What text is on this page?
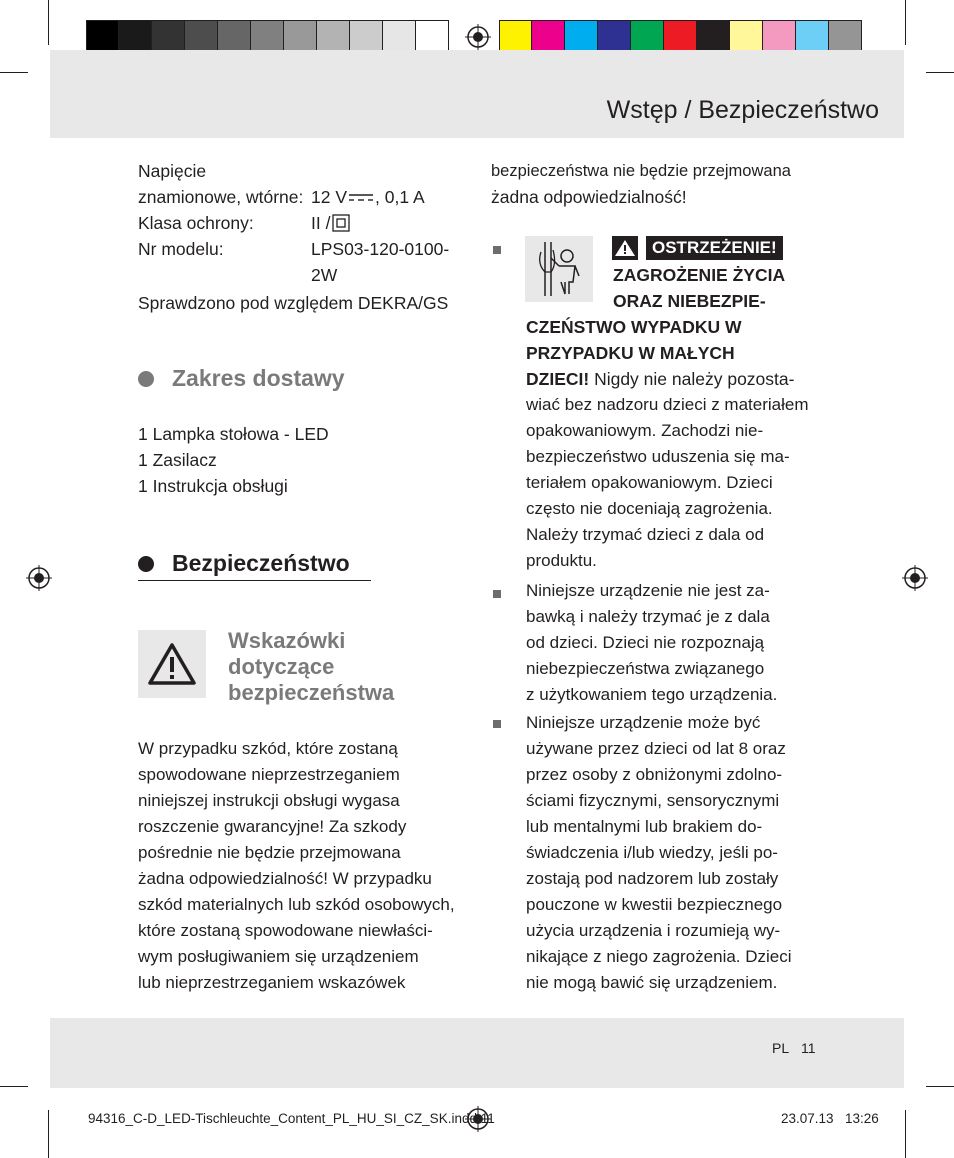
Wstęp / Bezpieczeństwo
Napięcie
znamionowe, wtórne: 12 V , 0,1 A
Klasa ochrony:	II /
Nr modelu:	LPS03-120-0100-
2W
Sprawdzono pod względem DEKRA/GS
Zakres dostawy
1 Lampka stołowa - LED
1 Zasilacz
1 Instrukcja obsługi
Bezpieczeństwo
Wskazówki
dotyczące
bezpieczeństwa
W przypadku szkód, które zostaną
spowodowane nieprzestrzeganiem
niniejszej instrukcji obsługi wygasa
roszczenie gwarancyjne! Za szkody
pośrednie nie będzie przejmowana
żadna odpowiedzialność! W przypadku
szkód materialnych lub szkód osobowych,
które zostaną spowodowane niewłaści-
wym posługiwaniem się urządzeniem
lub nieprzestrzeganiem wskazówek
bezpieczeństwa nie będzie przejmowana
żadna odpowiedzialność!
OSTRZEŻENIE!
ZAGROŻENIE ŻYCIA
ORAZ NIEBEZPIE-
CZEŃSTWO WYPADKU W
PRZYPADKU W MAŁYCH
DZIECI! Nigdy nie należy pozosta-
wiać bez nadzoru dzieci z materiałem
opakowaniowym. Zachodzi nie-
bezpieczeństwo uduszenia się ma-
teriałem opakowaniowym. Dzieci
często nie doceniają zagrożenia.
Należy trzymać dzieci z dala od
produktu.
Niniejsze urządzenie nie jest za-
bawką i należy trzymać je z dala
od dzieci. Dzieci nie rozpoznają
niebezpieczeństwa związanego
z użytkowaniem tego urządzenia.
Niniejsze urządzenie może być
używane przez dzieci od lat 8 oraz
przez osoby z obniżonymi zdolno-
ściami fizycznymi, sensorycznymi
lub mentalnymi lub brakiem do-
świadczenia i/lub wiedzy, jeśli po-
zostają pod nadzorem lub zostały
pouczone w kwestii bezpiecznego
użycia urządzenia i rozumieją wy-
nikające z niego zagrożenia. Dzieci
nie mogą bawić się urządzeniem.
PL 11
94316_C-D_LED-Tischleuchte_Content_PL_HU_SI_CZ_SK.indd 11	23.07.13 13:26
